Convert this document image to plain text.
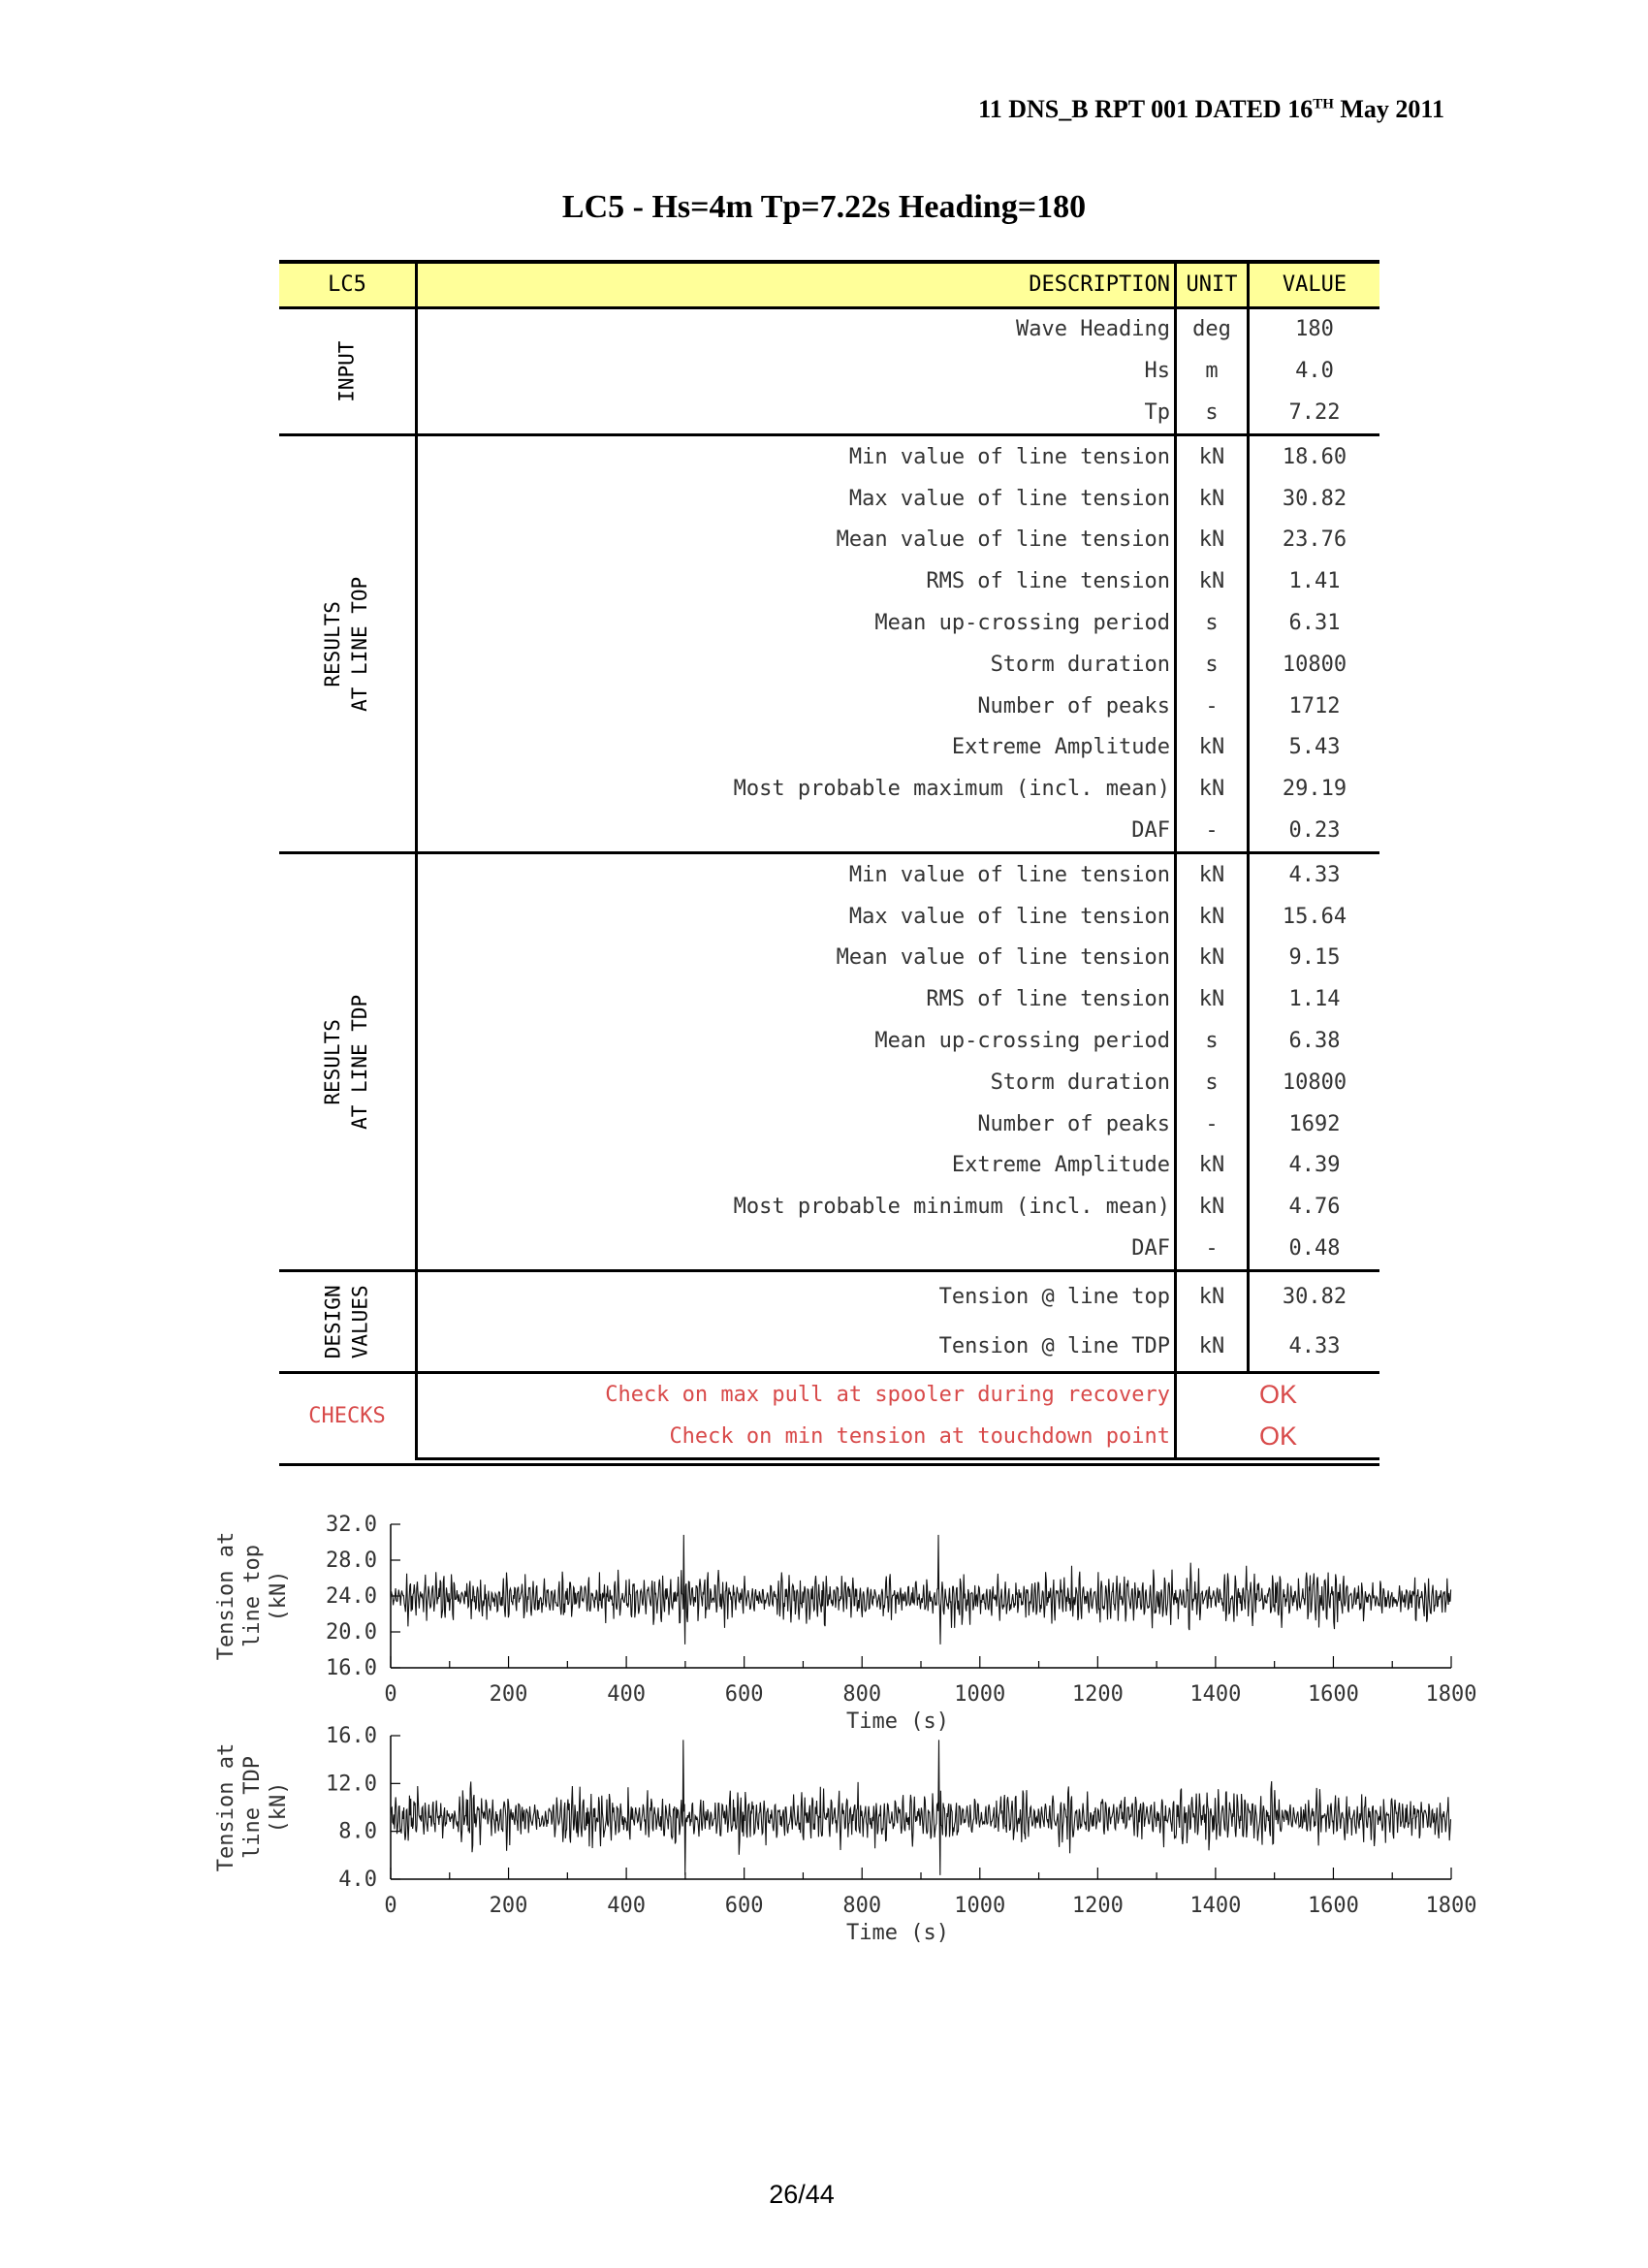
11 DNS_B RPT 001 DATED 16TH May 2011
LC5 - Hs=4m Tp=7.22s Heading=180
LC5	DESCRIPTION	UNIT	VALUE
INPUT	Wave Heading	deg	180
	Hs	m	4.0
	Tp	s	7.22
RESULTS AT LINE TOP	Min value of line tension	kN	18.60
	Max value of line tension	kN	30.82
	Mean value of line tension	kN	23.76
	RMS of line tension	kN	1.41
	Mean up-crossing period	s	6.31
	Storm duration	s	10800
	Number of peaks	-	1712
	Extreme Amplitude	kN	5.43
	Most probable maximum (incl. mean)	kN	29.19
	DAF	-	0.23
RESULTS AT LINE TDP	Min value of line tension	kN	4.33
	Max value of line tension	kN	15.64
	Mean value of line tension	kN	9.15
	RMS of line tension	kN	1.14
	Mean up-crossing period	s	6.38
	Storm duration	s	10800
	Number of peaks	-	1692
	Extreme Amplitude	kN	4.39
	Most probable minimum (incl. mean)	kN	4.76
	DAF	-	0.48
DESIGN VALUES	Tension @ line top	kN	30.82
	Tension @ line TDP	kN	4.33
CHECKS	Check on max pull at spooler during recovery	OK	
	Check on min tension at touchdown point	OK	
16.0
20.0
24.0
28.0
32.0
0	200	400	600	800	1000	1200	1400	1600	1800
Time (s)
Tension at line top (kN)
4.0
8.0
12.0
16.0
0	200	400	600	800	1000	1200	1400	1600	1800
Time (s)
Tension at line TDP (kN)
26/44
